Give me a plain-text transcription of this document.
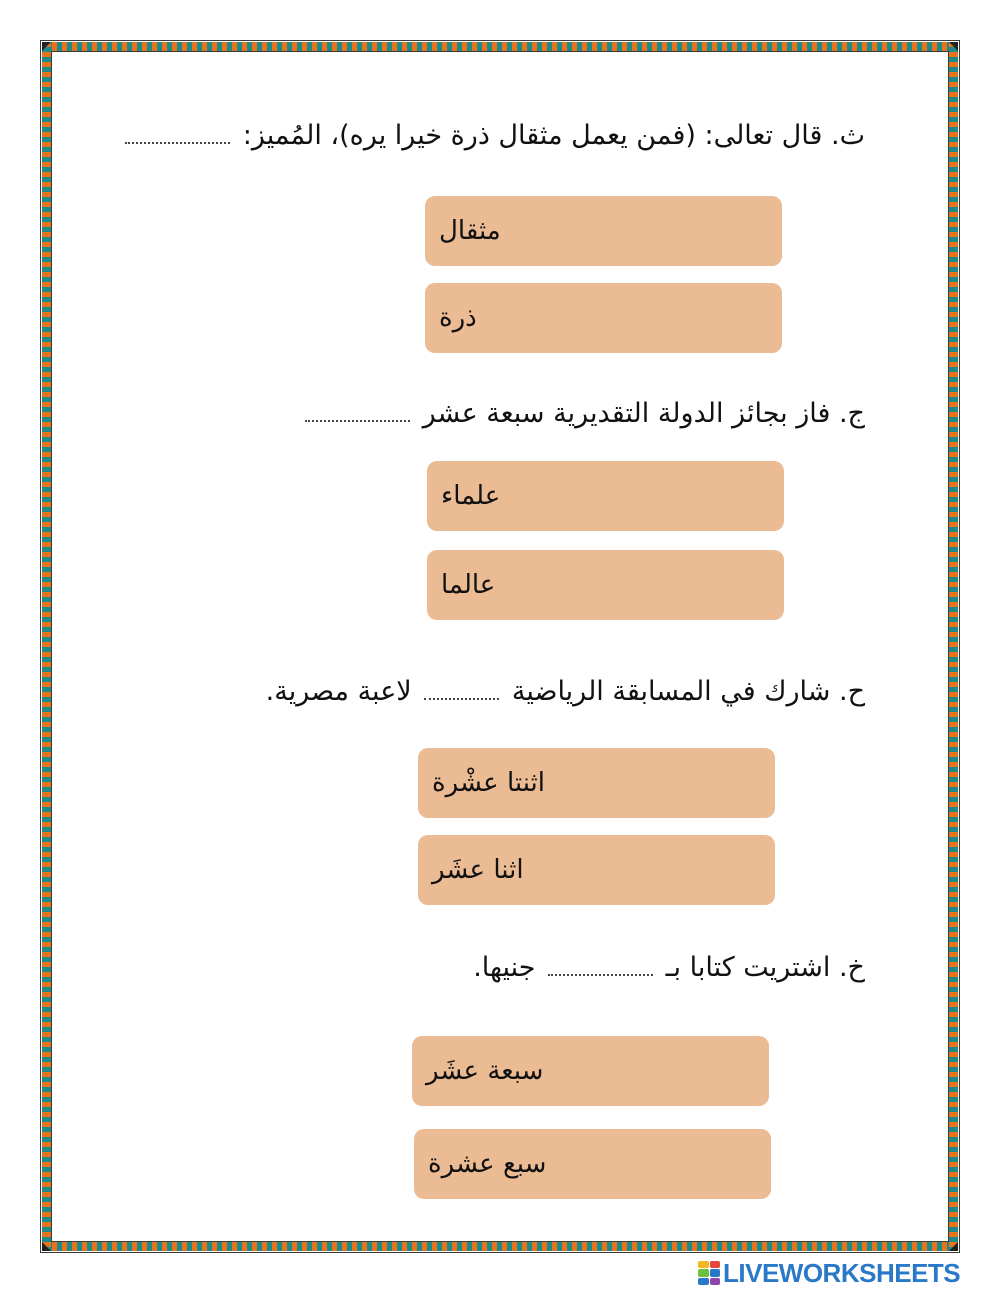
ث. قال تعالى: (فمن يعمل مثقال ذرة خيرا يره)، المُميز:
مثقال
ذرة
ج. فاز بجائز الدولة التقديرية سبعة عشر
علماء
عالما
ح. شارك في المسابقة الرياضية  لاعبة مصرية.
اثنتا عشْرة
اثنا عشَر
خ. اشتريت كتابا بـ  جنيها.
سبعة عشَر
سبع عشرة
LIVEWORKSHEETS
